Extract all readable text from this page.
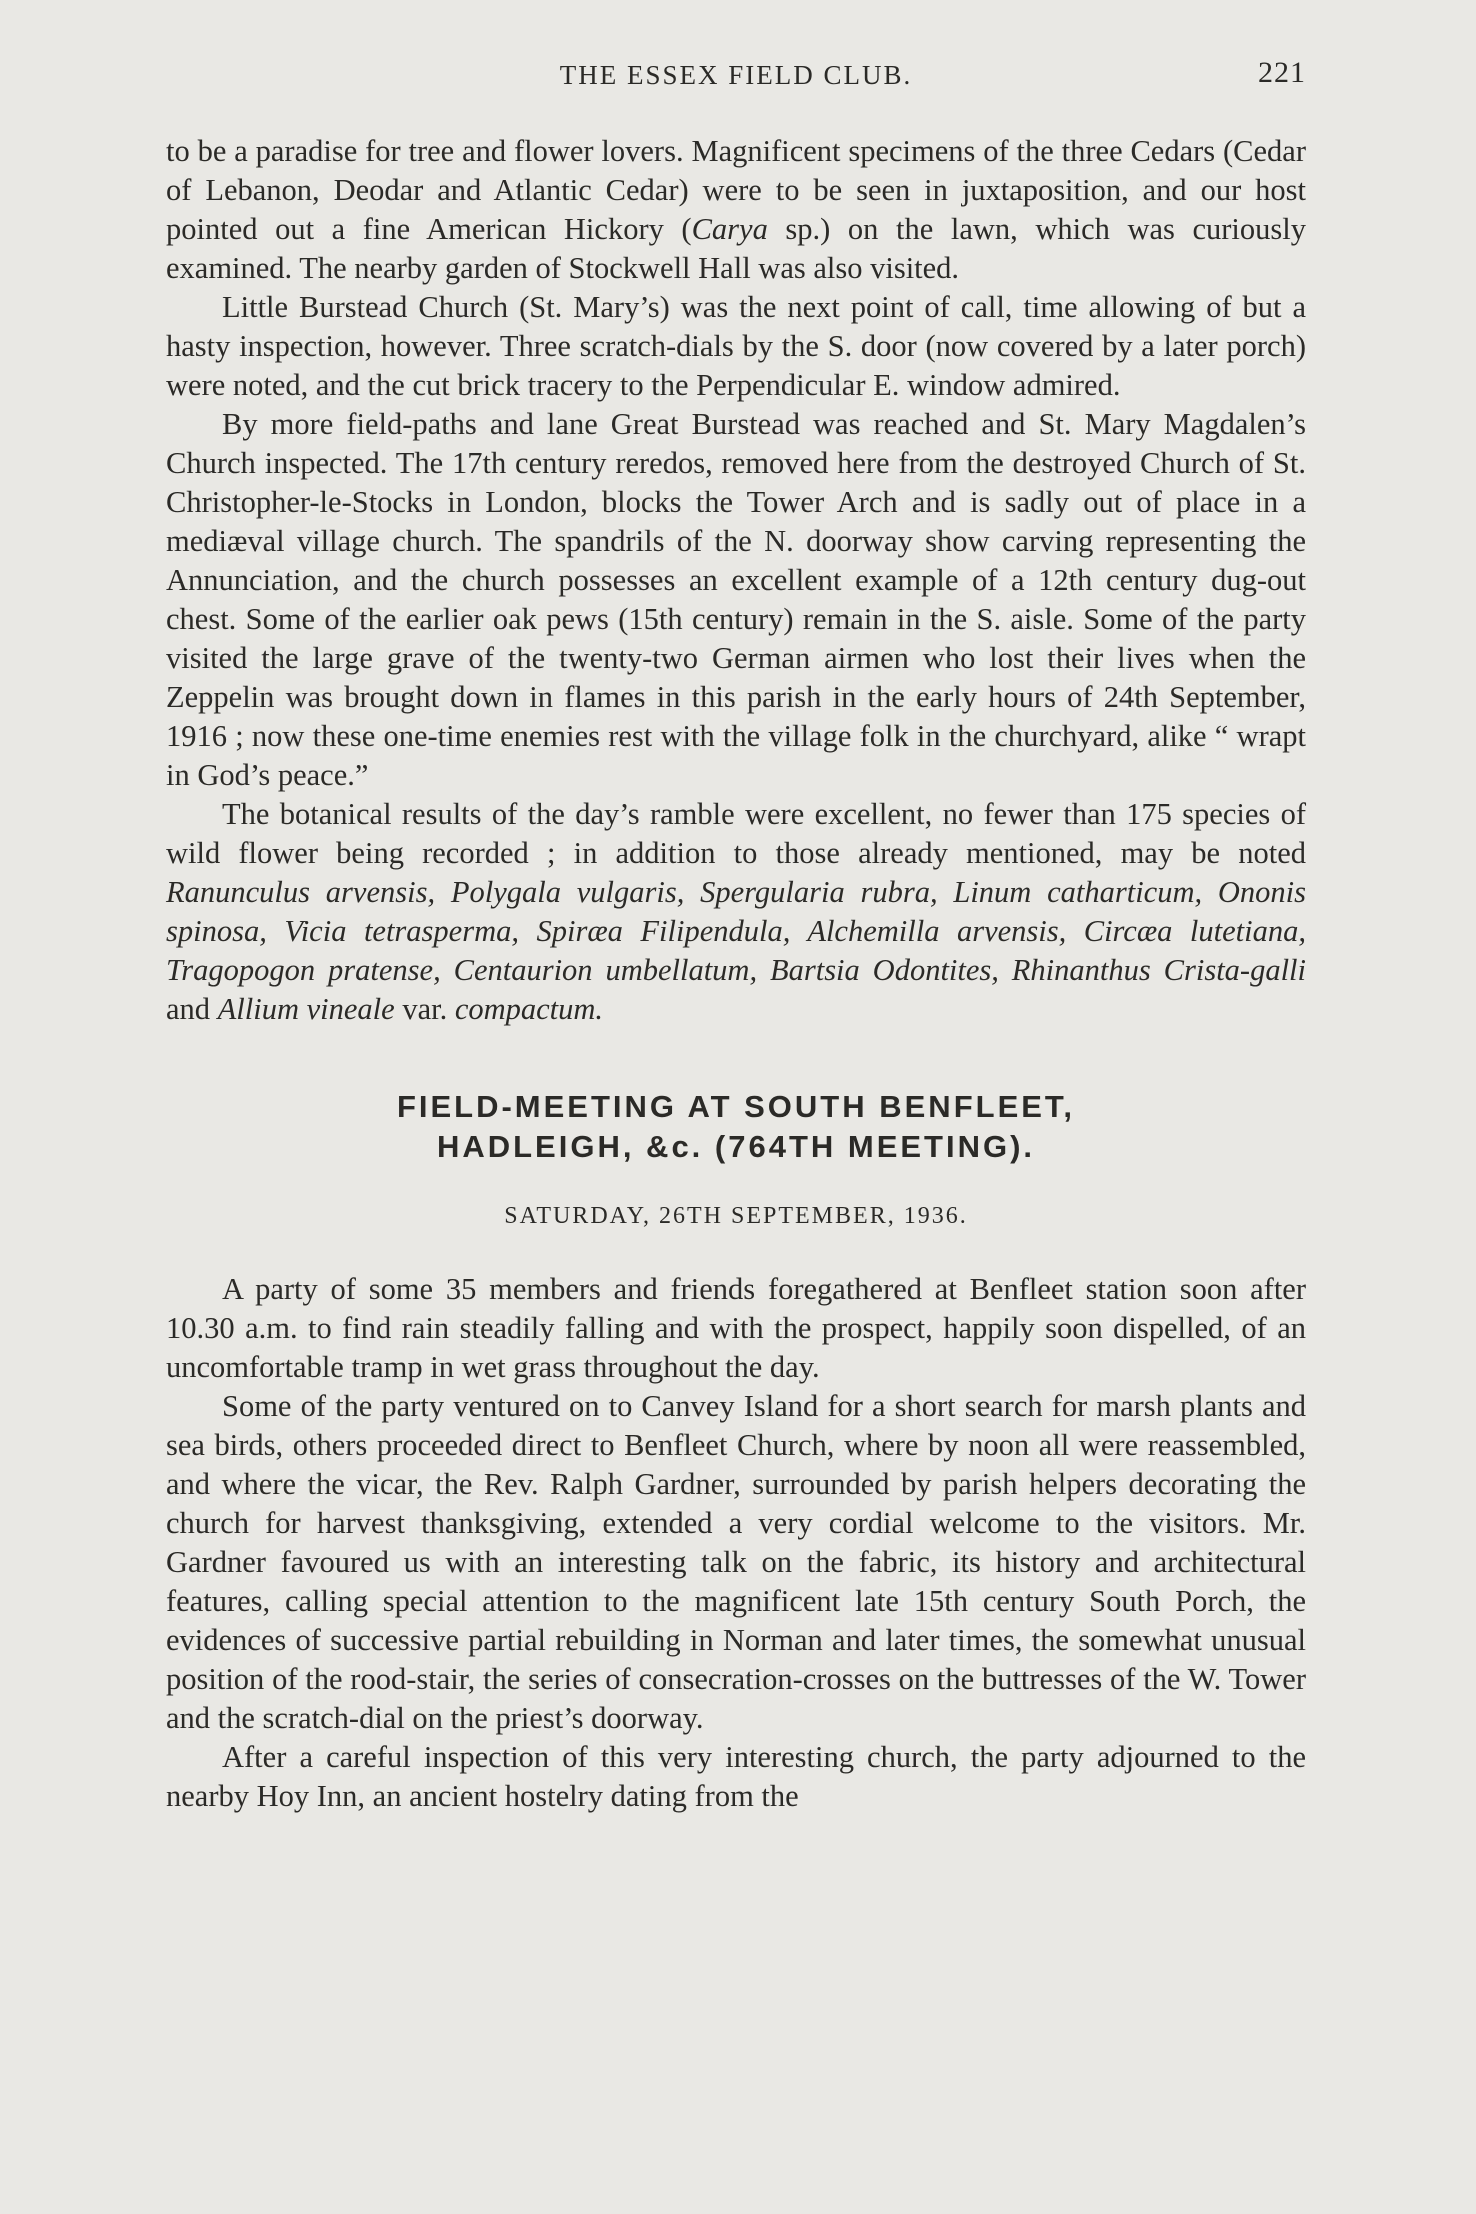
THE ESSEX FIELD CLUB.	221

to be a paradise for tree and flower lovers. Magnificent specimens of the three Cedars (Cedar of Lebanon, Deodar and Atlantic Cedar) were to be seen in juxtaposition, and our host pointed out a fine American Hickory (Carya sp.) on the lawn, which was curiously examined. The nearby garden of Stockwell Hall was also visited.

Little Burstead Church (St. Mary’s) was the next point of call, time allowing of but a hasty inspection, however. Three scratch-dials by the S. door (now covered by a later porch) were noted, and the cut brick tracery to the Perpendicular E. window admired.

By more field-paths and lane Great Burstead was reached and St. Mary Magdalen’s Church inspected. The 17th century reredos, removed here from the destroyed Church of St. Christopher-le-Stocks in London, blocks the Tower Arch and is sadly out of place in a mediæval village church. The spandrils of the N. doorway show carving representing the Annunciation, and the church possesses an excellent example of a 12th century dug-out chest. Some of the earlier oak pews (15th century) remain in the S. aisle. Some of the party visited the large grave of the twenty-two German airmen who lost their lives when the Zeppelin was brought down in flames in this parish in the early hours of 24th September, 1916 ; now these one-time enemies rest with the village folk in the churchyard, alike “ wrapt in God’s peace.”

The botanical results of the day’s ramble were excellent, no fewer than 175 species of wild flower being recorded ; in addition to those already mentioned, may be noted Ranunculus arvensis, Polygala vulgaris, Spergularia rubra, Linum catharticum, Ononis spinosa, Vicia tetrasperma, Spiræa Filipendula, Alchemilla arvensis, Circæa lutetiana, Tragopogon pratense, Centaurion umbellatum, Bartsia Odontites, Rhinanthus Crista-galli and Allium vineale var. compactum.

FIELD-MEETING AT SOUTH BENFLEET,
HADLEIGH, &c. (764TH MEETING).
SATURDAY, 26TH SEPTEMBER, 1936.

A party of some 35 members and friends foregathered at Benfleet station soon after 10.30 a.m. to find rain steadily falling and with the prospect, happily soon dispelled, of an uncomfortable tramp in wet grass throughout the day.

Some of the party ventured on to Canvey Island for a short search for marsh plants and sea birds, others proceeded direct to Benfleet Church, where by noon all were reassembled, and where the vicar, the Rev. Ralph Gardner, surrounded by parish helpers decorating the church for harvest thanksgiving, extended a very cordial welcome to the visitors. Mr. Gardner favoured us with an interesting talk on the fabric, its history and architectural features, calling special attention to the magnificent late 15th century South Porch, the evidences of successive partial rebuilding in Norman and later times, the somewhat unusual position of the rood-stair, the series of consecration-crosses on the buttresses of the W. Tower and the scratch-dial on the priest’s doorway.

After a careful inspection of this very interesting church, the party adjourned to the nearby Hoy Inn, an ancient hostelry dating from the
